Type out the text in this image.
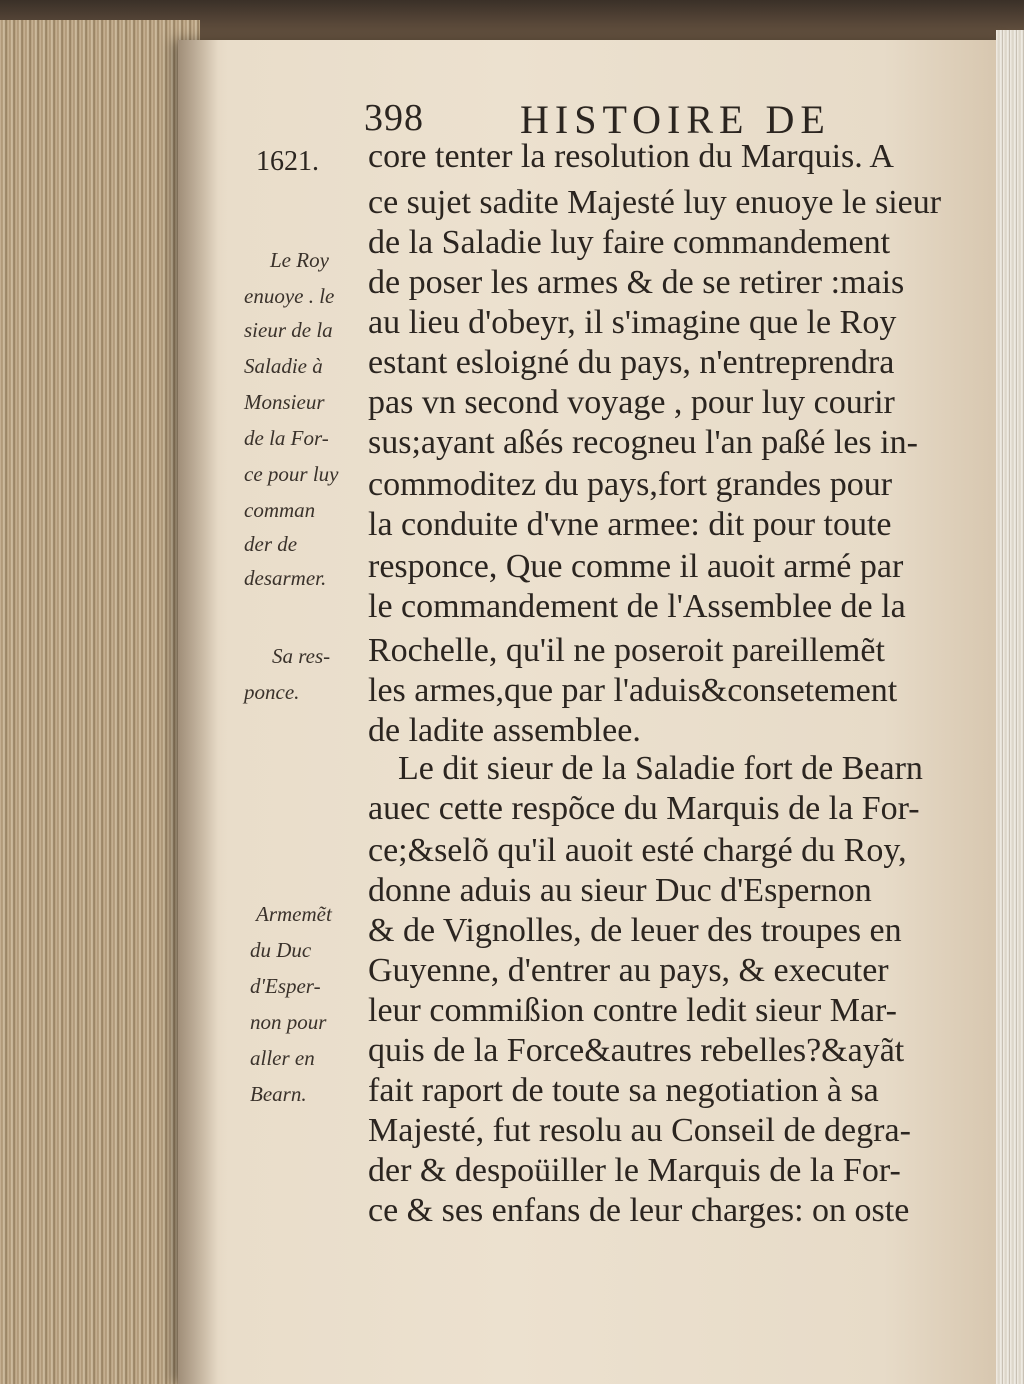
398 HISTOIRE DE
1621. core tenter la resolution du Marquis. A
ce sujet sadite Majesté luy enuoye le sieur
de la Saladie luy faire commandement
de poser les armes & de se retirer :mais
au lieu d'obeyr, il s'imagine que le Roy
estant esloigné du pays, n'entreprendra
pas vn second voyage , pour luy courir
sus;ayant aßés recogneu l'an paßé les in-
commoditez du pays,fort grandes pour
la conduite d'vne armee: dit pour toute
responce, Que comme il auoit armé par
le commandement de l'Assemblee de la
Rochelle, qu'il ne poseroit pareillemẽt
les armes,que par l'aduis&consetement
de ladite assemblee.
Le dit sieur de la Saladie fort de Bearn
auec cette respõce du Marquis de la For-
ce;&selõ qu'il auoit esté chargé du Roy,
donne aduis au sieur Duc d'Espernon
& de Vignolles, de leuer des troupes en
Guyenne, d'entrer au pays, & executer
leur commißion contre ledit sieur Mar-
quis de la Force&autres rebelles?&ayãt
fait raport de toute sa negotiation à sa
Majesté, fut resolu au Conseil de degra-
der & despoüiller le Marquis de la For-
ce & ses enfans de leur charges: on oste
Le Roy
enuoye . le
sieur de la
Saladie à
Monsieur
de la For-
ce pour luy
comman
der de
desarmer.
Sa res-
ponce.
Armemẽt
du Duc
d'Esper-
non pour
aller en
Bearn.
